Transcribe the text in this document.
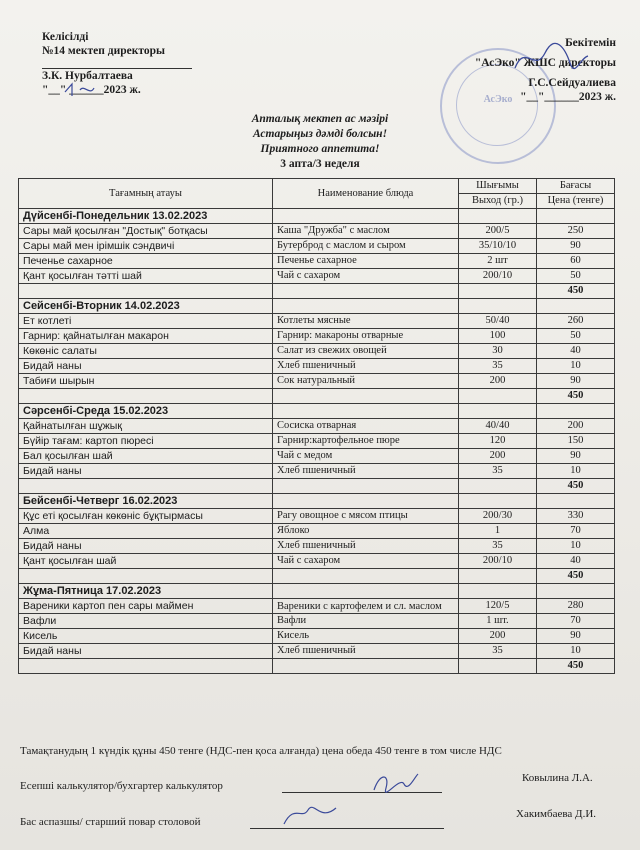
Келісілді
№14 мектеп директоры
З.К. Нурбалтаева
"__" ______2023 ж.
АсЭко
Бекітемін
"АсЭко" ЖШС директоры
Г.С.Сейдуалиева
"__"______2023 ж.
Апталық мектеп ас мәзірі
Астарыңыз дәмді болсын!
Приятного аппетита!
3 апта/3 неделя
Тағамның атауы	Наименование блюда	Шығымы	Бағасы
		Выход (гр.)	Цена (тенге)
Дүйсенбі-Понедельник 13.02.2023			
Сары май қосылған "Достық" ботқасы	Каша "Дружба" с маслом	200/5	250
Сары май мен ірімшік сэндвичі	Бутерброд с маслом и сыром	35/10/10	90
Печенье сахарное	Печенье сахарное	2 шт	60
Қант қосылған тәтті шай	Чай с сахаром	200/10	50
			450
Сейсенбі-Вторник 14.02.2023			
Ет котлеті	Котлеты мясные	50/40	260
Гарнир: қайнатылған макарон	Гарнир: макароны отварные	100	50
Көкөніс салаты	Салат из свежих овощей	30	40
Бидай наны	Хлеб пшеничный	35	10
Табиғи шырын	Сок натуральный	200	90
			450
Сәрсенбі-Среда 15.02.2023			
Қайнатылған шұжық	Сосиска отварная	40/40	200
Бүйір тағам: картоп пюресі	Гарнир:картофельное пюре	120	150
Бал қосылған шай	Чай с медом	200	90
Бидай наны	Хлеб пшеничный	35	10
			450
Бейсенбі-Четверг 16.02.2023			
Құс еті қосылған көкөніс бұқтырмасы	Рагу овощное с мясом птицы	200/30	330
Алма	Яблоко	1	70
Бидай наны	Хлеб пшеничный	35	10
Қант қосылған шай	Чай с сахаром	200/10	40
			450
Жұма-Пятница 17.02.2023			
Вареники картоп пен сары маймен	Вареники с картофелем и сл. маслом	120/5	280
Вафли	Вафли	1 шт.	70
Кисель	Кисель	200	90
Бидай наны	Хлеб пшеничный	35	10
			450
Тамақтанудың 1 күндік құны 450 тенге (НДС-пен қоса алғанда) цена обеда 450 тенге в том числе НДС
Есепші калькулятор/бухгартер калькулятор
Ковылина Л.А.
Бас аспазшы/ старший повар столовой
Хакимбаева Д.И.
